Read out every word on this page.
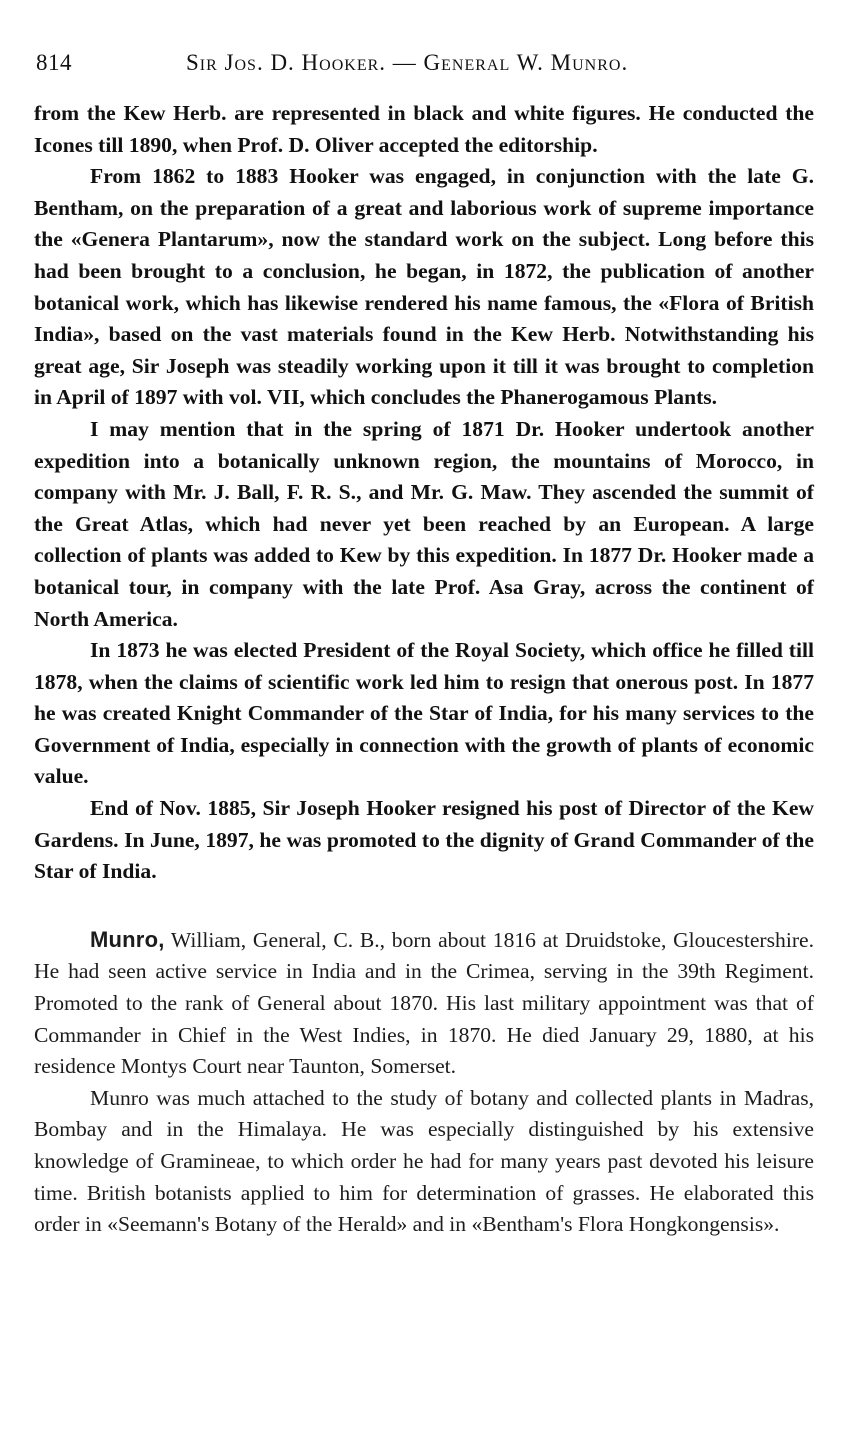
814	Sir Jos. D. Hooker. — General W. Munro.

from the Kew Herb. are represented in black and white figures. He conducted the Icones till 1890, when Prof. D. Oliver accepted the editorship.

From 1862 to 1883 Hooker was engaged, in conjunction with the late G. Bentham, on the preparation of a great and laborious work of supreme importance the «Genera Plantarum», now the standard work on the subject. Long before this had been brought to a conclusion, he began, in 1872, the publication of another botanical work, which has likewise rendered his name famous, the «Flora of British India», based on the vast materials found in the Kew Herb. Notwithstanding his great age, Sir Joseph was steadily working upon it till it was brought to completion in April of 1897 with vol. VII, which concludes the Phanerogamous Plants.

I may mention that in the spring of 1871 Dr. Hooker undertook another expedition into a botanically unknown region, the mountains of Morocco, in company with Mr. J. Ball, F. R. S., and Mr. G. Maw. They ascended the summit of the Great Atlas, which had never yet been reached by an European. A large collection of plants was added to Kew by this expedition. In 1877 Dr. Hooker made a botanical tour, in company with the late Prof. Asa Gray, across the continent of North America.

In 1873 he was elected President of the Royal Society, which office he filled till 1878, when the claims of scientific work led him to resign that onerous post. In 1877 he was created Knight Commander of the Star of India, for his many services to the Government of India, especially in connection with the growth of plants of economic value.

End of Nov. 1885, Sir Joseph Hooker resigned his post of Director of the Kew Gardens. In June, 1897, he was promoted to the dignity of Grand Commander of the Star of India.

Munro, William, General, C. B., born about 1816 at Druidstoke, Gloucestershire. He had seen active service in India and in the Crimea, serving in the 39th Regiment. Promoted to the rank of General about 1870. His last military appointment was that of Commander in Chief in the West Indies, in 1870. He died January 29, 1880, at his residence Montys Court near Taunton, Somerset.

Munro was much attached to the study of botany and collected plants in Madras, Bombay and in the Himalaya. He was especially distinguished by his extensive knowledge of Gramineae, to which order he had for many years past devoted his leisure time. British botanists applied to him for determination of grasses. He elaborated this order in «Seemann's Botany of the Herald» and in «Bentham's Flora Hongkongensis».
